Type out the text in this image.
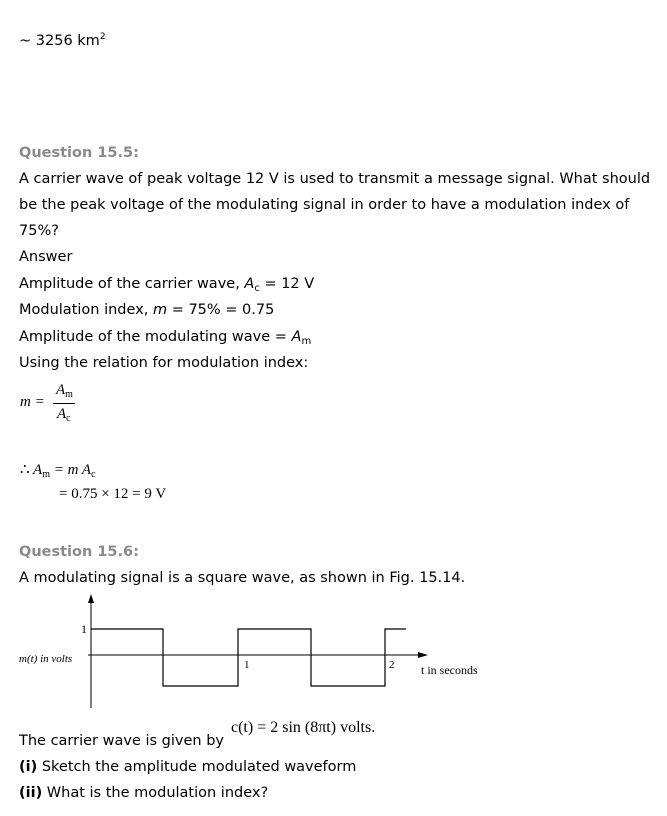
~ 3256 $km^2$
Question 15.5:
A carrier wave of peak voltage 12 V is used to transmit a message signal. What should
be the peak voltage of the modulating signal in order to have a modulation index of
75%?
Answer
Amplitude of the carrier wave, $A_c = 12$ V
Modulation index, m = 75% = 0.75
Amplitude of the modulating wave = $A_m$
Using the relation for modulation index:
m =
$A_m$
$A_c$
∴ $A_m = m$ $A_c$
= 0.75 × 12 = 9 V
Question 15.6:
A modulating signal is a square wave, as shown in Fig. 15.14.
1
m(t) in volts	1	2 t in seconds
The carrier wave is given by
c(t) = 2 sin (8πt) volts.
(i) Sketch the amplitude modulated waveform
(ii) What is the modulation index?
